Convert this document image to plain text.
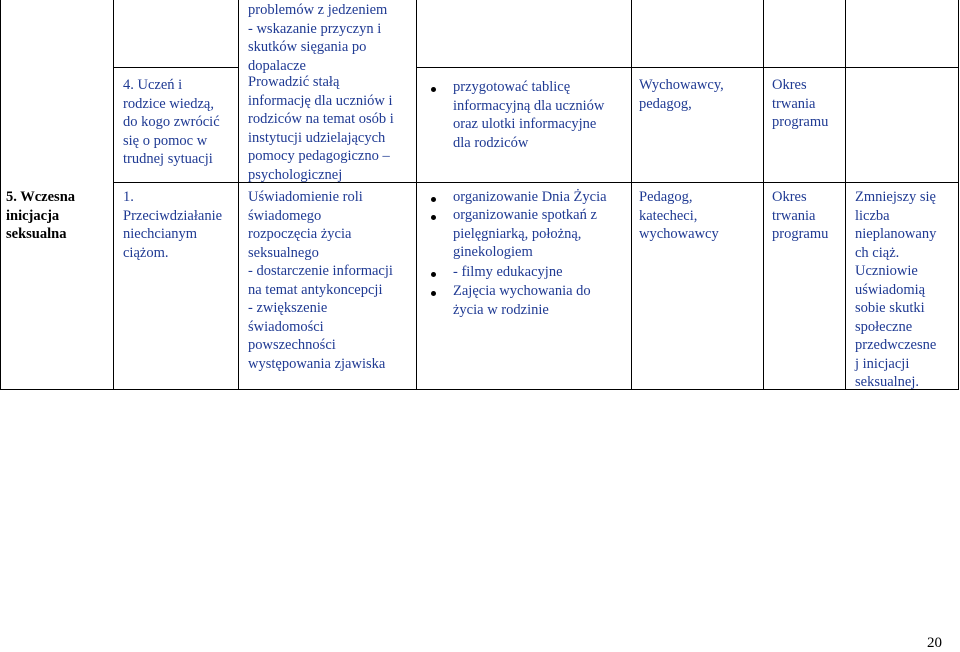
5. Wczesna
inicjacja
seksualna
4. Uczeń i
rodzice wiedzą,
do kogo zwrócić
się o pomoc w
trudnej sytuacji
1.
Przeciwdziałanie
niechcianym
ciążom.
problemów z jedzeniem
- wskazanie przyczyn i
skutków sięgania po
dopalacze
Prowadzić stałą
informację dla uczniów i
rodziców na temat osób i
instytucji udzielających
pomocy pedagogiczno –
psychologicznej
Uświadomienie roli
świadomego
rozpoczęcia życia
seksualnego
- dostarczenie informacji
na temat antykoncepcji
- zwiększenie
świadomości
powszechności
występowania zjawiska
przygotować tablicę
informacyjną dla uczniów
oraz ulotki informacyjne
dla rodziców
organizowanie Dnia Życia
organizowanie spotkań z
pielęgniarką, położną,
ginekologiem
- filmy edukacyjne
Zajęcia wychowania do
życia w rodzinie
Wychowawcy,
pedagog,
Pedagog,
katecheci,
wychowawcy
Okres
trwania
programu
Okres
trwania
programu
Zmniejszy się
liczba
nieplanowany
ch ciąż.
Uczniowie
uświadomią
sobie skutki
społeczne
przedwczesne
j inicjacji
seksualnej.
20
